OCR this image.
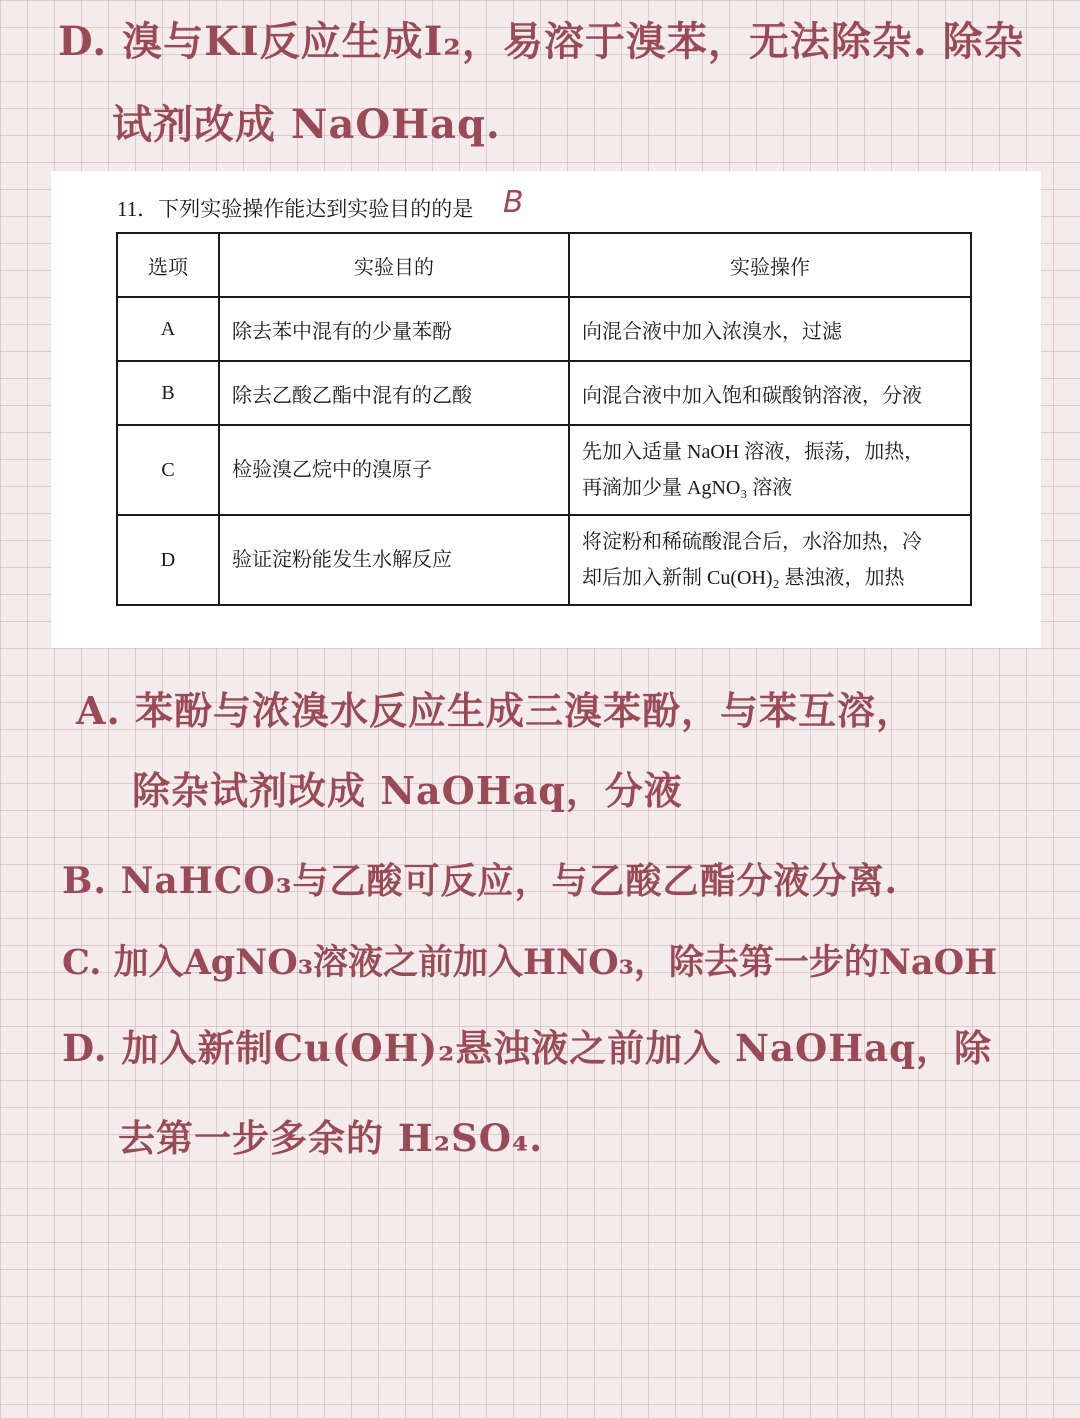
D. 溴与KI反应生成I₂，易溶于溴苯，无法除杂. 除杂
试剂改成 NaOHaq.
11．下列实验操作能达到实验目的的是 B
选项	实验目的	实验操作
A	除去苯中混有的少量苯酚	向混合液中加入浓溴水，过滤
B	除去乙酸乙酯中混有的乙酸	向混合液中加入饱和碳酸钠溶液，分液
C	检验溴乙烷中的溴原子	先加入适量 NaOH 溶液，振荡，加热，
再滴加少量 AgNO₃ 溶液

D	验证淀粉能发生水解反应	将淀粉和稀硫酸混合后，水浴加热，冷
却后加入新制 Cu(OH)₂ 悬浊液，加热
A. 苯酚与浓溴水反应生成三溴苯酚，与苯互溶，
除杂试剂改成 NaOHaq，分液
B. NaHCO₃与乙酸可反应，与乙酸乙酯分液分离.
C. 加入AgNO₃溶液之前加入HNO₃，除去第一步的NaOH
D. 加入新制Cu(OH)₂悬浊液之前加入 NaOHaq，除
去第一步多余的 H₂SO₄.
